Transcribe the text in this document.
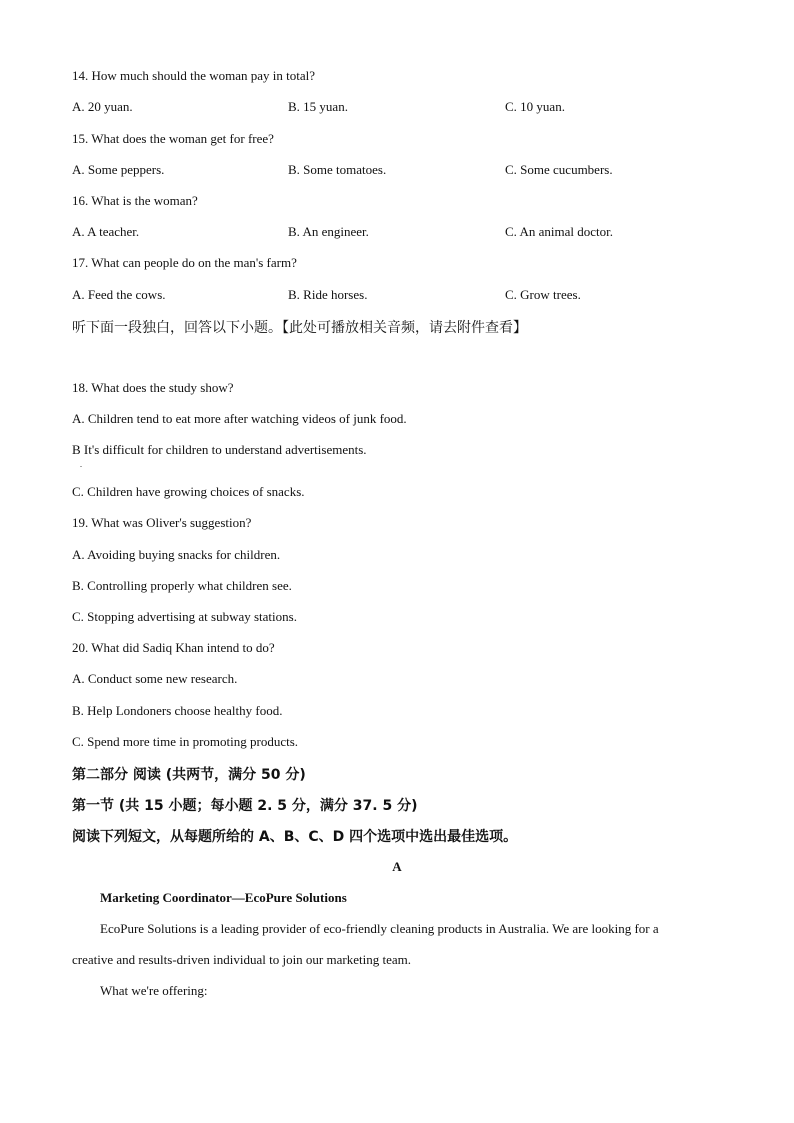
14. How much should the woman pay in total?
A. 20 yuan.	B. 15 yuan.	C. 10 yuan.
15. What does the woman get for free?
A. Some peppers.	B. Some tomatoes.	C. Some cucumbers.
16. What is the woman?
A. A teacher.	B. An engineer.	C. An animal doctor.
17. What can people do on the man's farm?
A. Feed the cows.	B. Ride horses.	C. Grow trees.
听下面一段独白，回答以下小题。【此处可播放相关音频，请去附件查看】
18. What does the study show?
A. Children tend to eat more after watching videos of junk food.
B It's difficult for children to understand advertisements.
.
C. Children have growing choices of snacks.
19. What was Oliver's suggestion?
A. Avoiding buying snacks for children.
B. Controlling properly what children see.
C. Stopping advertising at subway stations.
20. What did Sadiq Khan intend to do?
A. Conduct some new research.
B. Help Londoners choose healthy food.
C. Spend more time in promoting products.
第二部分 阅读 (共两节，满分 50 分)
第一节 (共 15 小题；每小题 2. 5 分，满分 37. 5 分)
阅读下列短文，从每题所给的 A、B、C、D 四个选项中选出最佳选项。
A
Marketing Coordinator—EcoPure Solutions
EcoPure Solutions is a leading provider of eco-friendly cleaning products in Australia. We are looking for a
creative and results-driven individual to join our marketing team.
What we're offering:
